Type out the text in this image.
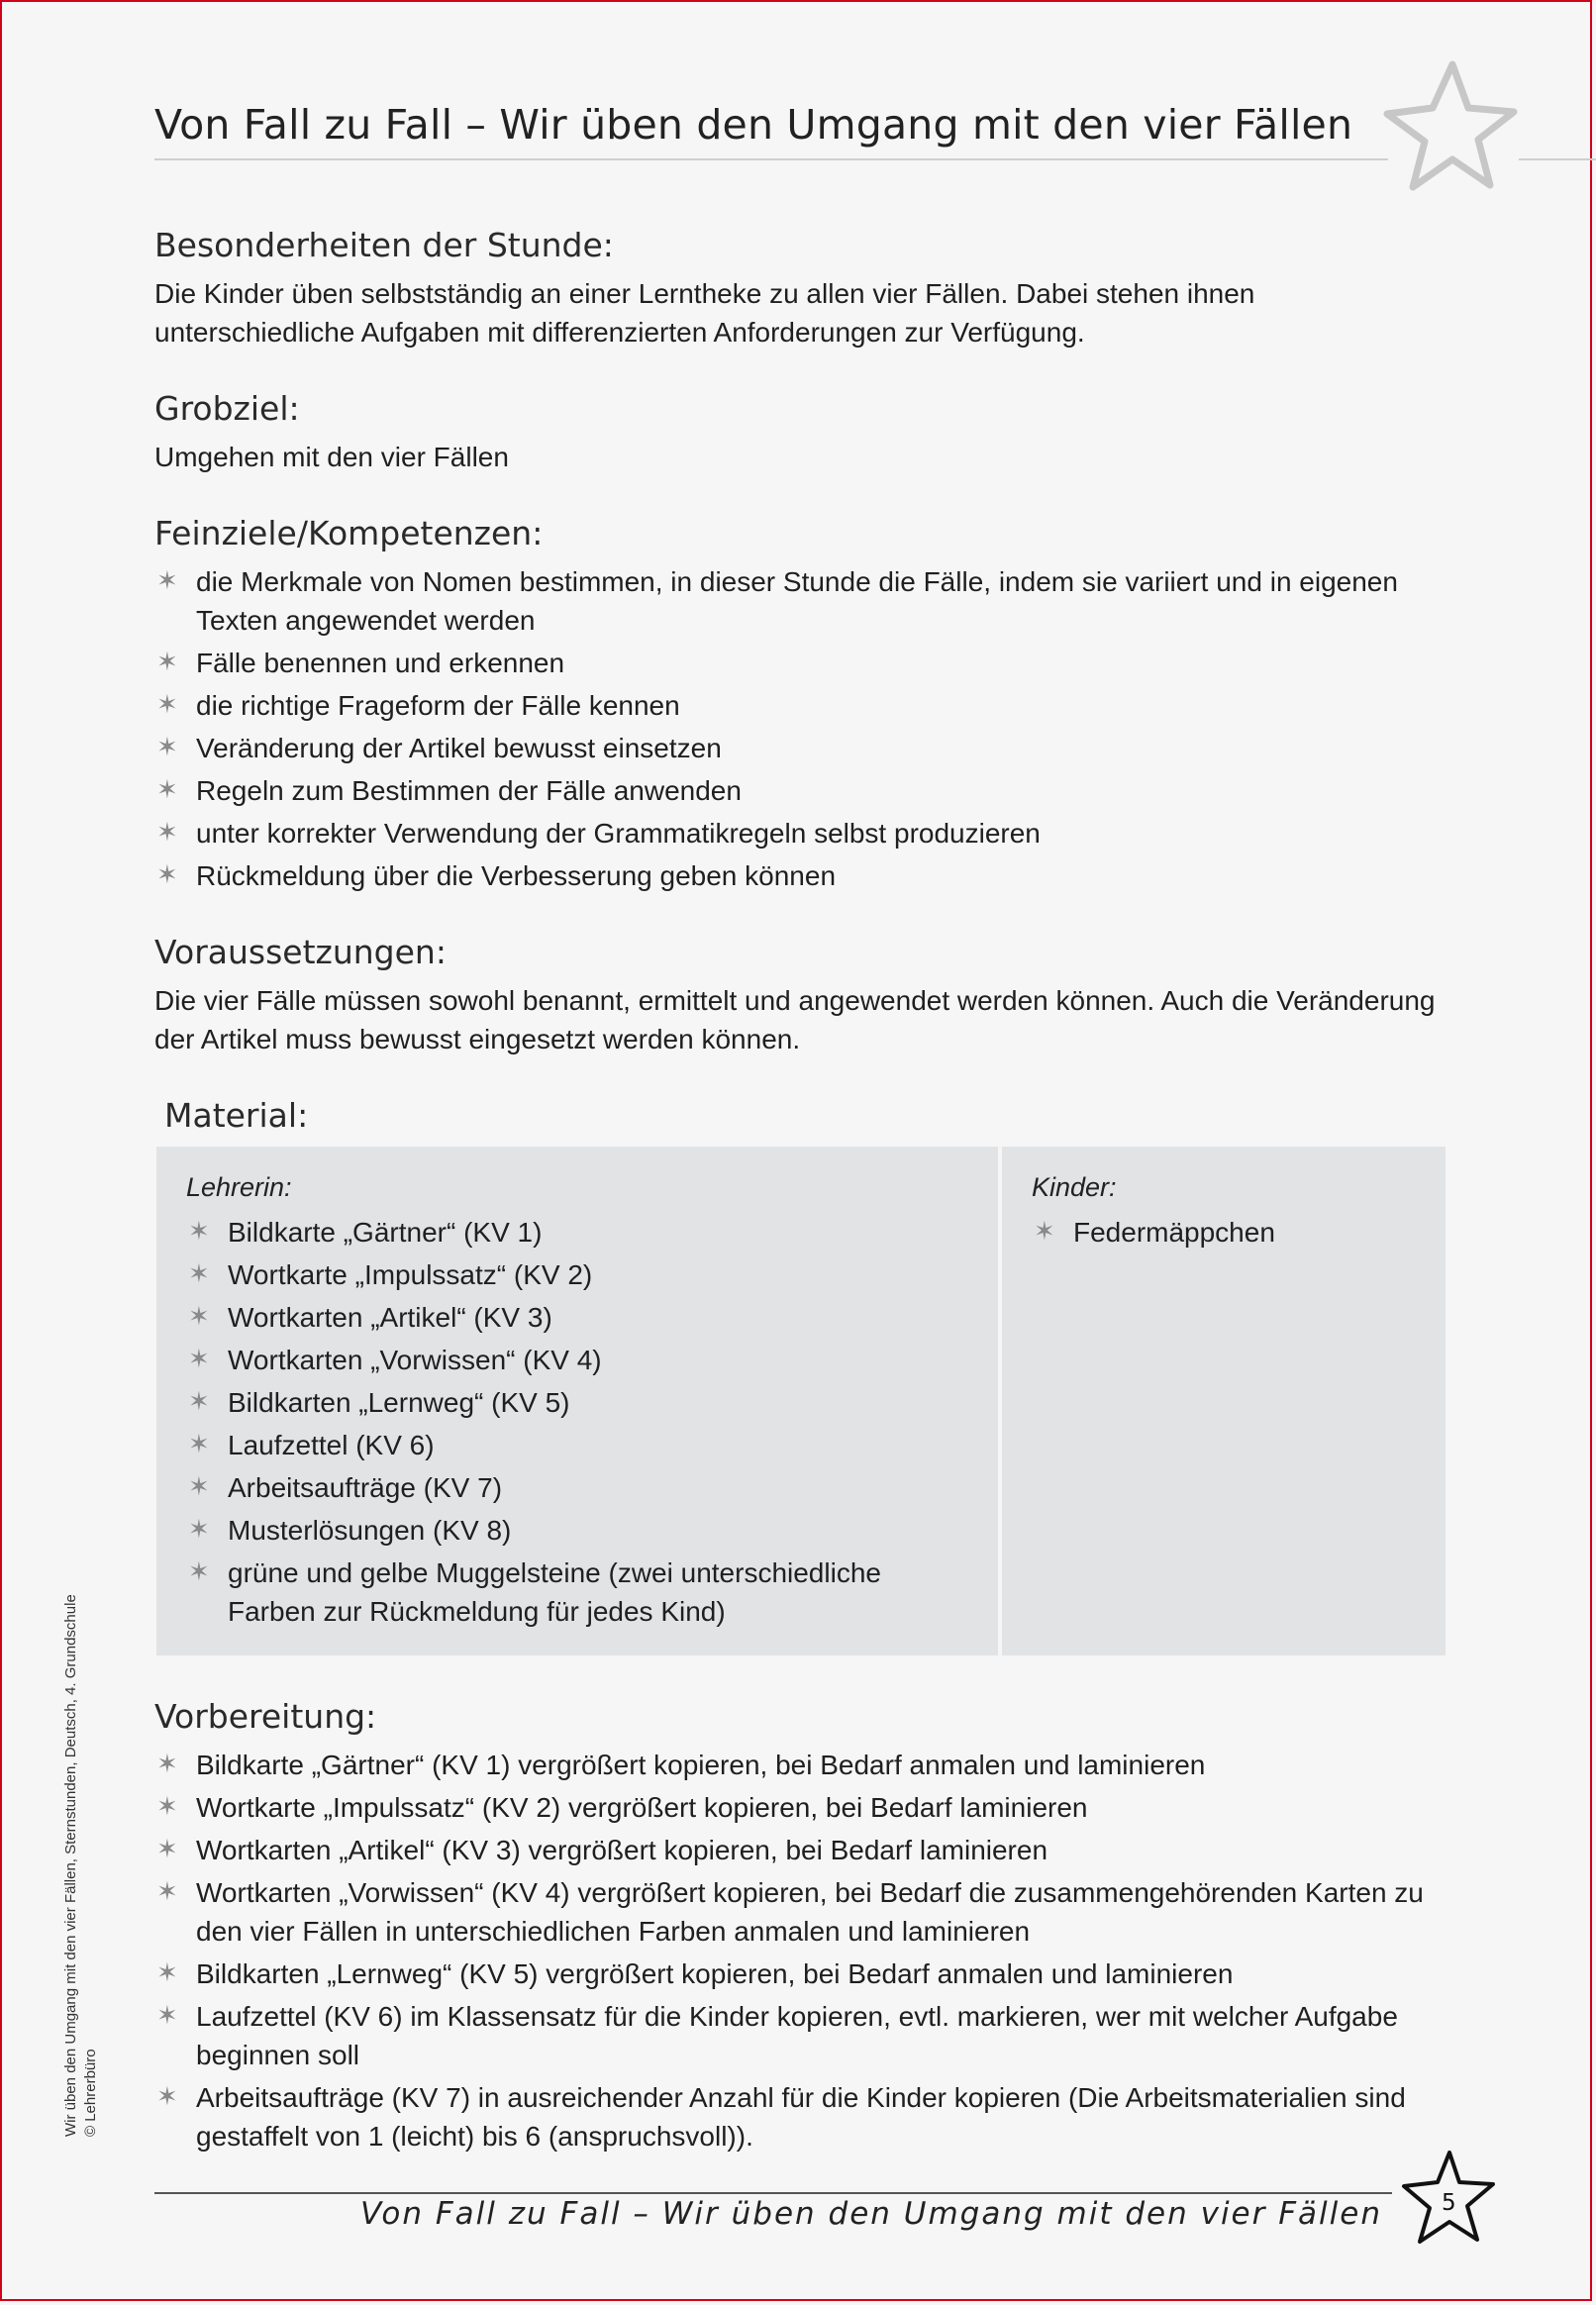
Von Fall zu Fall – Wir üben den Umgang mit den vier Fällen
Besonderheiten der Stunde:

Die Kinder üben selbstständig an einer Lerntheke zu allen vier Fällen. Dabei stehen ihnen unterschiedliche Aufgaben mit differenzierten Anforderungen zur Verfügung.

Grobziel:

Umgehen mit den vier Fällen

Feinziele/Kompetenzen:
✶ die Merkmale von Nomen bestimmen, in dieser Stunde die Fälle, indem sie variiert und in eigenen Texten angewendet werden
✶ Fälle benennen und erkennen
✶ die richtige Frageform der Fälle kennen
✶ Veränderung der Artikel bewusst einsetzen
✶ Regeln zum Bestimmen der Fälle anwenden
✶ unter korrekter Verwendung der Grammatikregeln selbst produzieren
✶ Rückmeldung über die Verbesserung geben können
Voraussetzungen:

Die vier Fälle müssen sowohl benannt, ermittelt und angewendet werden können. Auch die Veränderung der Artikel muss bewusst eingesetzt werden können.

Material:

Lehrerin:

✶ Bildkarte „Gärtner“ (KV 1)
✶ Wortkarte „Impulssatz“ (KV 2)
✶ Wortkarten „Artikel“ (KV 3)
✶ Wortkarten „Vorwissen“ (KV 4)
✶ Bildkarten „Lernweg“ (KV 5)
✶ Laufzettel (KV 6)
✶ Arbeitsaufträge (KV 7)
✶ Musterlösungen (KV 8)
✶ grüne und gelbe Muggelsteine (zwei unterschiedliche Farben zur Rückmeldung für jedes Kind)

Kinder:

✶ Federmäppchen
Vorbereitung:
✶ Bildkarte „Gärtner“ (KV 1) vergrößert kopieren, bei Bedarf anmalen und laminieren
✶ Wortkarte „Impulssatz“ (KV 2) vergrößert kopieren, bei Bedarf laminieren
✶ Wortkarten „Artikel“ (KV 3) vergrößert kopieren, bei Bedarf laminieren
✶ Wortkarten „Vorwissen“ (KV 4) vergrößert kopieren, bei Bedarf die zusammengehörenden Karten zu den vier Fällen in unterschiedlichen Farben anmalen und laminieren
✶ Bildkarten „Lernweg“ (KV 5) vergrößert kopieren, bei Bedarf anmalen und laminieren
✶ Laufzettel (KV 6) im Klassensatz für die Kinder kopieren, evtl. markieren, wer mit welcher Aufgabe beginnen soll
✶ Arbeitsaufträge (KV 7) in ausreichender Anzahl für die Kinder kopieren (Die Arbeitsmaterialien sind gestaffelt von 1 (leicht) bis 6 (anspruchsvoll)).
Wir üben den Umgang mit den vier Fällen, Sternstunden, Deutsch, 4. Grundschule © Lehrerbüro
Von Fall zu Fall – Wir üben den Umgang mit den vier Fällen	5
